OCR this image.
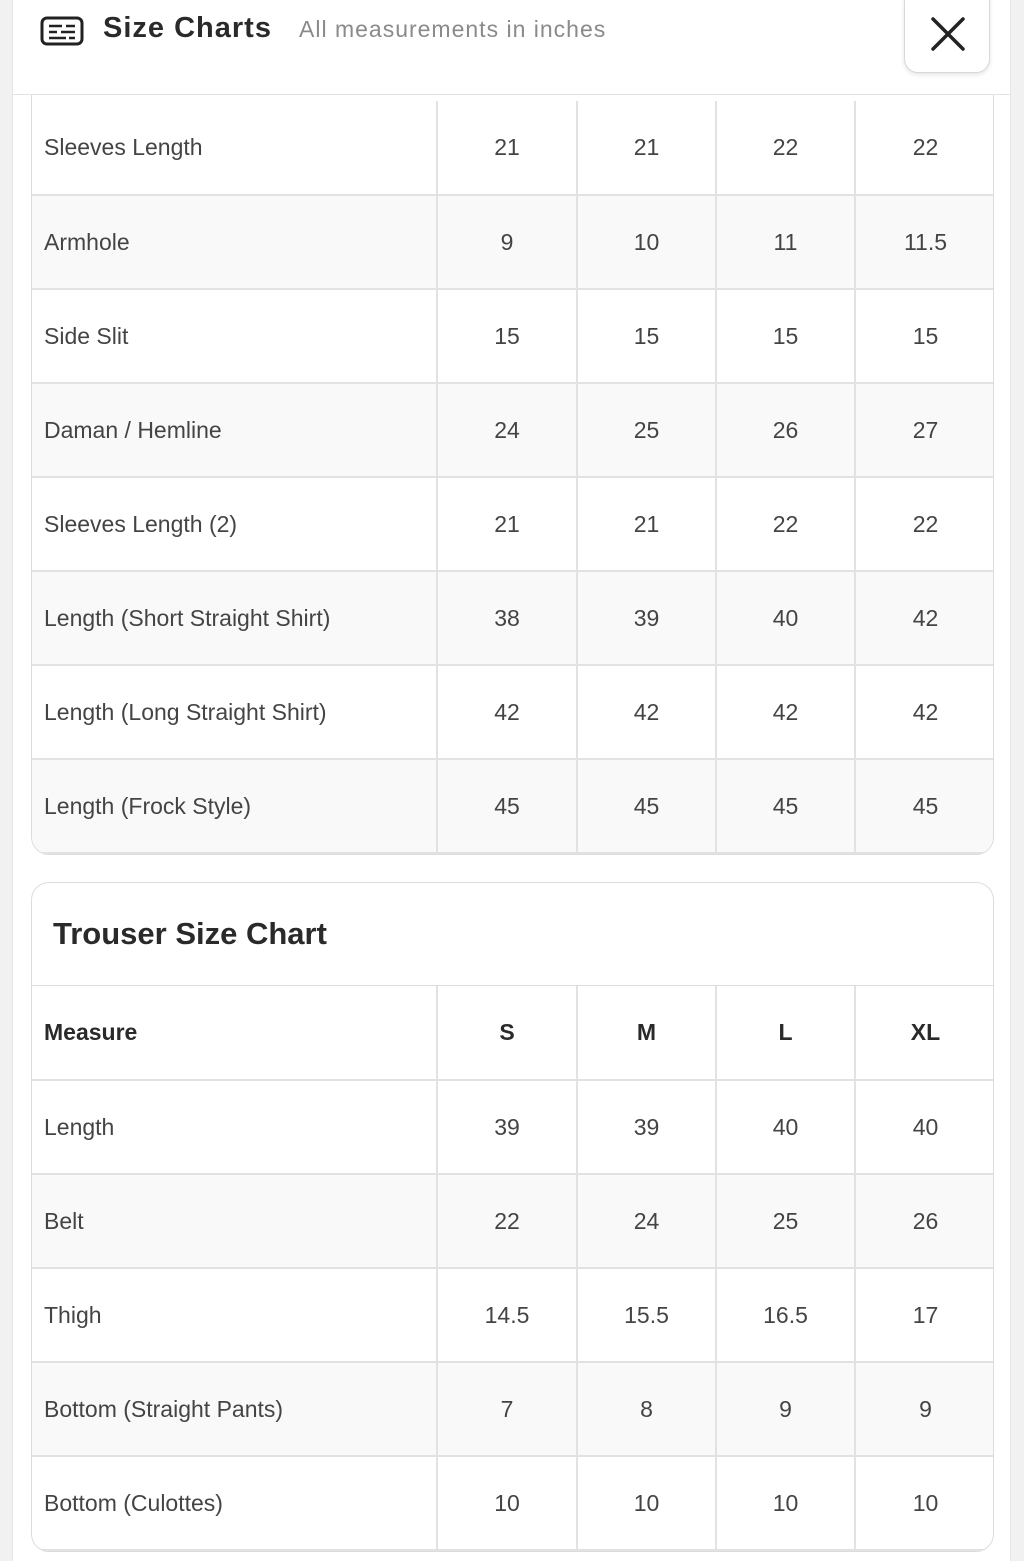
Size Charts All measurements in inches
Sleeves Length	21	21	22	22
Armhole	9	10	11	11.5
Side Slit	15	15	15	15
Daman / Hemline	24	25	26	27
Sleeves Length (2)	21	21	22	22
Length (Short Straight Shirt)	38	39	40	42
Length (Long Straight Shirt)	42	42	42	42
Length (Frock Style)	45	45	45	45
Trouser Size Chart
Measure	S	M	L	XL
Length	39	39	40	40
Belt	22	24	25	26
Thigh	14.5	15.5	16.5	17
Bottom (Straight Pants)	7	8	9	9
Bottom (Culottes)	10	10	10	10
